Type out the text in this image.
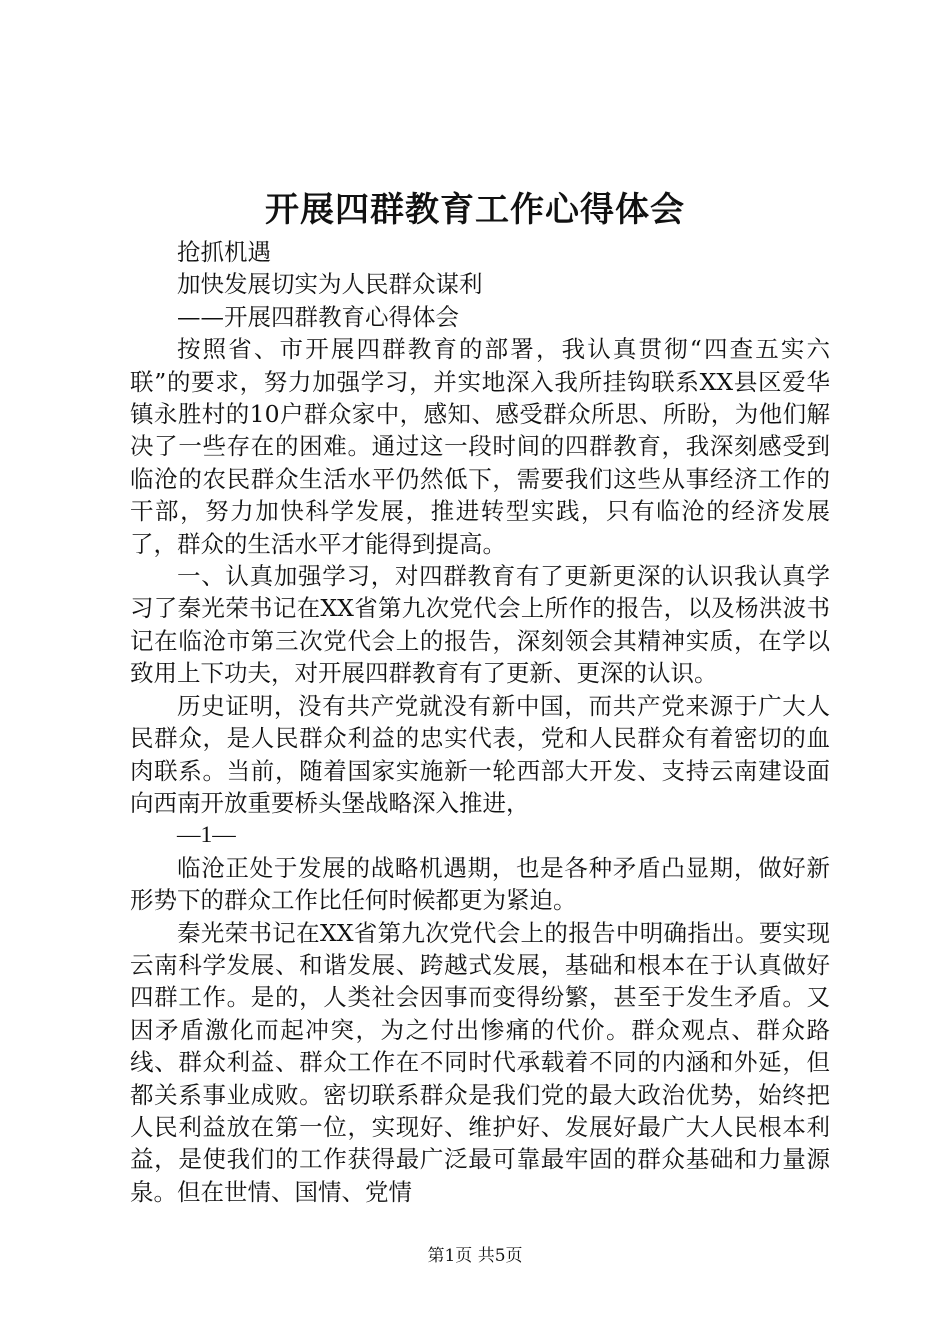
开展四群教育工作心得体会

抢抓机遇

加快发展切实为人民群众谋利

——开展四群教育心得体会

按照省、市开展四群教育的部署，我认真贯彻“四查五实六联”的要求，努力加强学习，并实地深入我所挂钩联系XX县区爱华镇永胜村的10户群众家中，感知、感受群众所思、所盼，为他们解决了一些存在的困难。通过这一段时间的四群教育，我深刻感受到临沧的农民群众生活水平仍然低下，需要我们这些从事经济工作的干部，努力加快科学发展，推进转型实践，只有临沧的经济发展了，群众的生活水平才能得到提高。

一、认真加强学习，对四群教育有了更新更深的认识我认真学习了秦光荣书记在XX省第九次党代会上所作的报告，以及杨洪波书记在临沧市第三次党代会上的报告，深刻领会其精神实质，在学以致用上下功夫，对开展四群教育有了更新、更深的认识。

历史证明，没有共产党就没有新中国，而共产党来源于广大人民群众，是人民群众利益的忠实代表，党和人民群众有着密切的血肉联系。当前，随着国家实施新一轮西部大开发、支持云南建设面向西南开放重要桥头堡战略深入推进，

—1—

临沧正处于发展的战略机遇期，也是各种矛盾凸显期，做好新形势下的群众工作比任何时候都更为紧迫。

秦光荣书记在XX省第九次党代会上的报告中明确指出。要实现云南科学发展、和谐发展、跨越式发展，基础和根本在于认真做好四群工作。是的，人类社会因事而变得纷繁，甚至于发生矛盾。又因矛盾激化而起冲突，为之付出惨痛的代价。群众观点、群众路线、群众利益、群众工作在不同时代承载着不同的内涵和外延，但都关系事业成败。密切联系群众是我们党的最大政治优势，始终把人民利益放在第一位，实现好、维护好、发展好最广大人民根本利益，是使我们的工作获得最广泛最可靠最牢固的群众基础和力量源泉。但在世情、国情、党情

第1页 共5页
